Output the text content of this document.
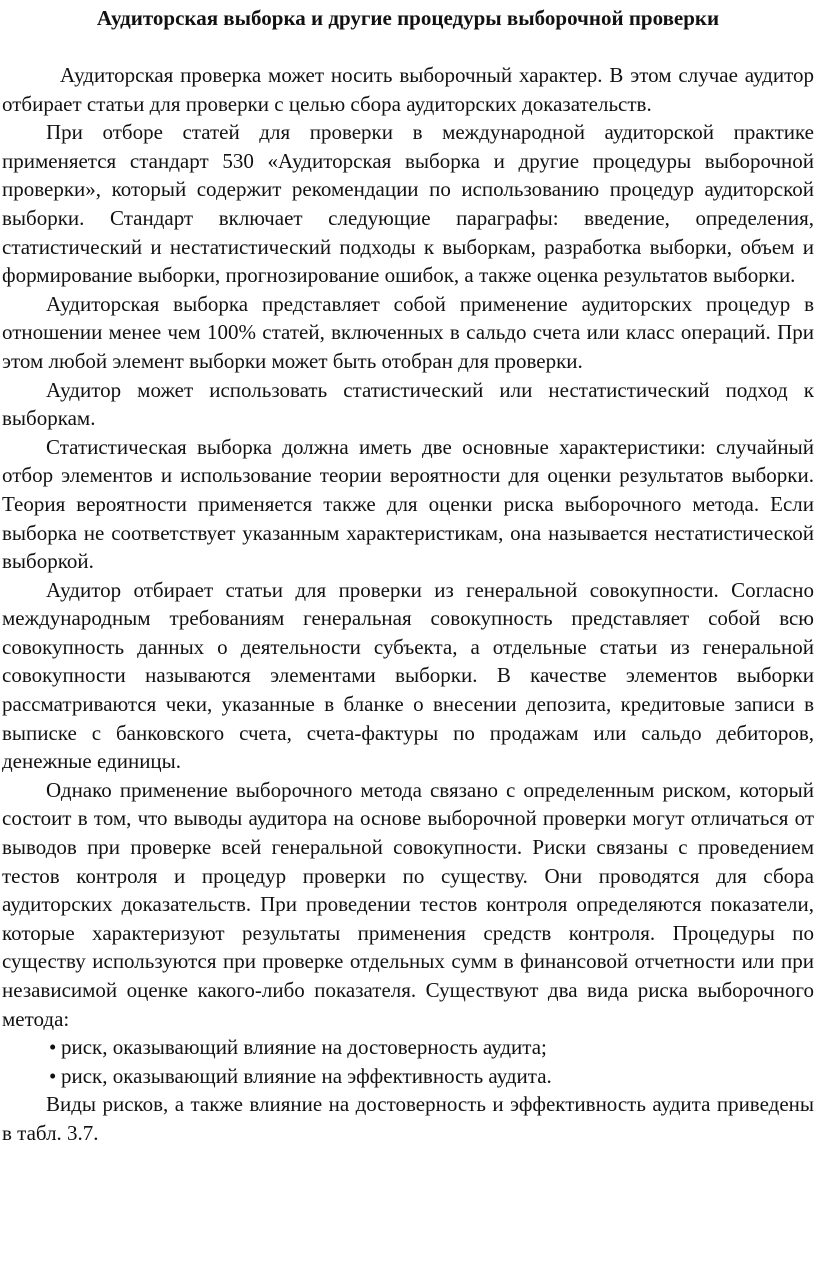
Аудиторская выборка и другие процедуры выборочной проверки

Аудиторская проверка может носить выборочный характер. В этом случае аудитор отбирает статьи для проверки с целью сбора аудиторских доказательств.

При отборе статей для проверки в международной аудиторской практике применяется стандарт 530 «Аудиторская выборка и другие процедуры выборочной проверки», который содержит рекомендации по использованию процедур аудиторской выборки. Стандарт включает следующие параграфы: введение, определения, статистический и нестатистический подходы к выборкам, разработка выборки, объем и формирование выборки, прогнозирование ошибок, а также оценка результатов выборки.

Аудиторская выборка представляет собой применение аудиторских процедур в отношении менее чем 100% статей, включенных в сальдо счета или класс операций. При этом любой элемент выборки может быть отобран для проверки.

Аудитор может использовать статистический или нестатистический подход к выборкам.

Статистическая выборка должна иметь две основные характеристики: случайный отбор элементов и использование теории вероятности для оценки результатов выборки. Теория вероятности применяется также для оценки риска выборочного метода. Если выборка не соответствует указанным характеристикам, она называется нестатистической выборкой.

Аудитор отбирает статьи для проверки из генеральной совокупности. Согласно международным требованиям генеральная совокупность представляет собой всю совокупность данных о деятельности субъекта, а отдельные статьи из генеральной совокупности называются элементами выборки. В качестве элементов выборки рассматриваются чеки, указанные в бланке о внесении депозита, кредитовые записи в выписке с банковского счета, счета-фактуры по продажам или сальдо дебиторов, денежные единицы.

Однако применение выборочного метода связано с определенным риском, который состоит в том, что выводы аудитора на основе выборочной проверки могут отличаться от выводов при проверке всей генеральной совокупности. Риски связаны с проведением тестов контроля и процедур проверки по существу. Они проводятся для сбора аудиторских доказательств. При проведении тестов контроля определяются показатели, которые характеризуют результаты применения средств контроля. Процедуры по существу используются при проверке отдельных сумм в финансовой отчетности или при независимой оценке какого-либо показателя. Существуют два вида риска выборочного метода:

• риск, оказывающий влияние на достоверность аудита;
• риск, оказывающий влияние на эффективность аудита.

Виды рисков, а также влияние на достоверность и эффективность аудита приведены в табл. 3.7.
